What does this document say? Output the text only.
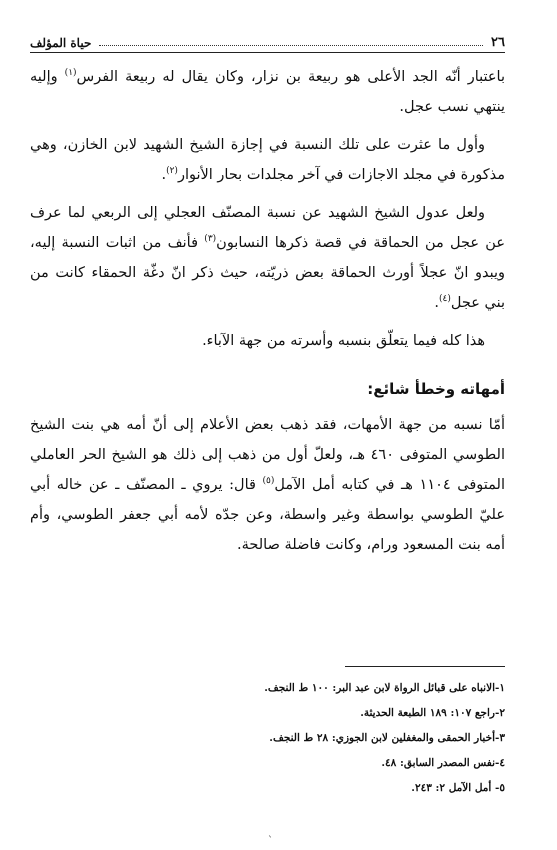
٢٦
حياة المؤلف

باعتبار أنّه الجد الأعلى هو ربيعة بن نزار، وكان يقال له ربيعة الفرس$^{(١)}$ وإليه ينتهي نسب عجل.

وأول ما عثرت على تلك النسبة في إجازة الشيخ الشهيد لابن الخازن، وهي مذكورة في مجلد الاجازات في آخر مجلدات بحار الأنوار$^{(٢)}$.

ولعل عدول الشيخ الشهيد عن نسبة المصنّف العجلي إلى الربعي لما عرف عن عجل من الحماقة في قصة ذكرها النسابون$^{(٣)}$ فأنف من اثبات النسبة إليه، ويبدو انّ عجلاً أورث الحماقة بعض ذريّته، حيث ذكر انّ دغّة الحمقاء كانت من بني عجل$^{(٤)}$.

هذا كله فيما يتعلّق بنسبه وأسرته من جهة الآباء.

أمهاته وخطأ شائع:

أمّا نسبه من جهة الأمهات، فقد ذهب بعض الأعلام إلى أنّ أمه هي بنت الشيخ الطوسي المتوفى ٤٦٠ هـ، ولعلّ أول من ذهب إلى ذلك هو الشيخ الحر العاملي المتوفى ١١٠٤ هـ في كتابه أمل الآمل$^{(٥)}$ قال: يروي ـ المصنّف ـ عن خاله أبي عليّ الطوسي بواسطة وغير واسطة، وعن جدّه لأمه أبي جعفر الطوسي، وأم أمه بنت المسعود ورام، وكانت فاضلة صالحة.

١-الانباه على قبائل الرواة لابن عبد البر: ١٠٠ ط النجف.
٢-راجع ١٠٧: ١٨٩ الطبعة الحديثة.
٣-أخبار الحمقى والمغفلين لابن الجوزي: ٢٨ ط النجف.
٤-نفس المصدر السابق: ٤٨.
٥- أمل الآمل ٢: ٢٤٣.
ˋ
